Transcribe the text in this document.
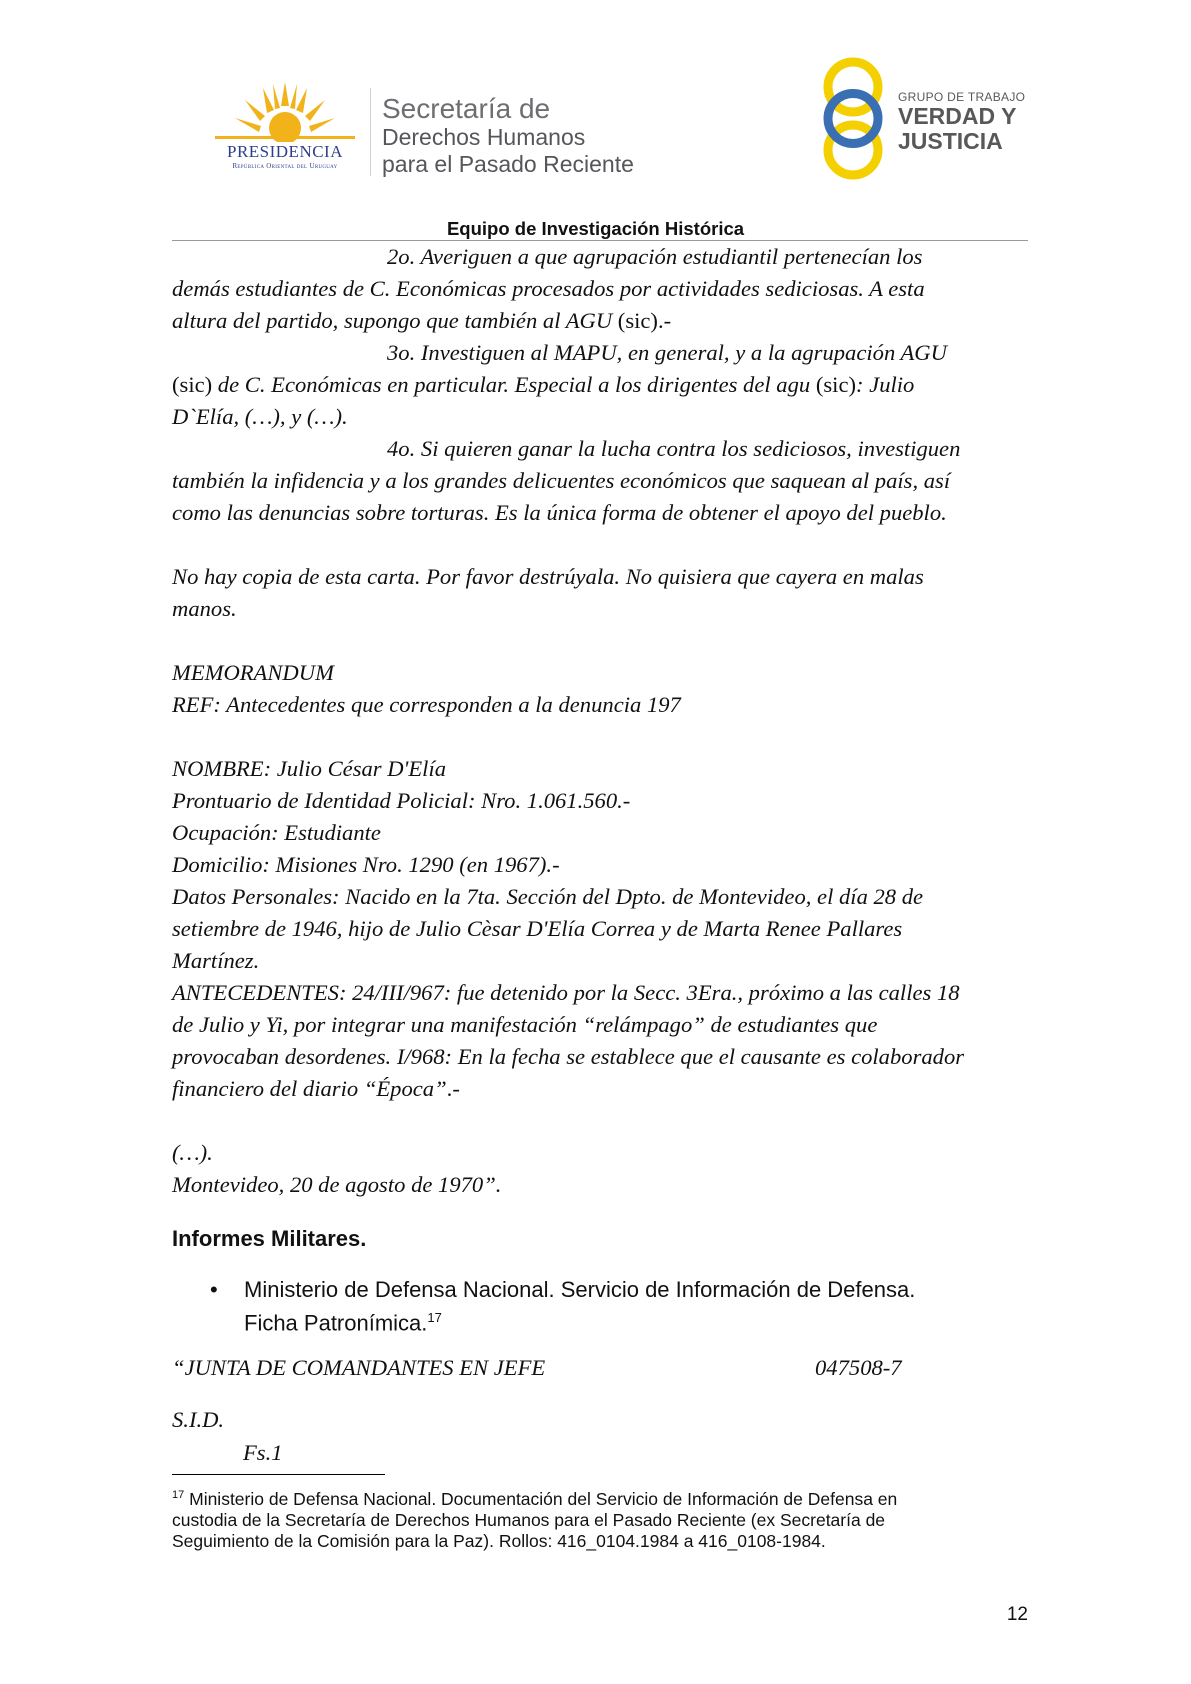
PRESIDENCIA
República Oriental del Uruguay
Secretaría de
Derechos Humanos
para el Pasado Reciente
GRUPO DE TRABAJO
VERDAD Y
JUSTICIA
Equipo de Investigación Histórica
2o. Averiguen a que agrupación estudiantil pertenecían los
demás estudiantes de C. Económicas procesados por actividades sediciosas. A esta
altura del partido, supongo que también al AGU (sic).-
3o. Investiguen al MAPU, en general, y a la agrupación AGU
(sic) de C. Económicas en particular. Especial a los dirigentes del agu (sic): Julio
D`Elía, (…), y (…).
4o. Si quieren ganar la lucha contra los sediciosos, investiguen
también la infidencia y a los grandes delicuentes económicos que saquean al país, así
como las denuncias sobre torturas. Es la única forma de obtener el apoyo del pueblo.
No hay copia de esta carta. Por favor destrúyala. No quisiera que cayera en malas
manos.
MEMORANDUM
REF: Antecedentes que corresponden a la denuncia 197
NOMBRE: Julio César D'Elía
Prontuario de Identidad Policial: Nro. 1.061.560.-
Ocupación: Estudiante
Domicilio: Misiones Nro. 1290 (en 1967).-
Datos Personales: Nacido en la 7ta. Sección del Dpto. de Montevideo, el día 28 de
setiembre de 1946, hijo de Julio Cèsar D'Elía Correa y de Marta Renee Pallares
Martínez.
ANTECEDENTES: 24/III/967: fue detenido por la Secc. 3Era., próximo a las calles 18
de Julio y Yi, por integrar una manifestación “relámpago” de estudiantes que
provocaban desordenes. I/968: En la fecha se establece que el causante es colaborador
financiero del diario “Época”.-
(…).
Montevideo, 20 de agosto de 1970”.
Informes Militares.
• Ministerio de Defensa Nacional. Servicio de Información de Defensa.
Ficha Patronímica.$^{17}$
“JUNTA DE COMANDANTES EN JEFE	047508-7
S.I.D.
Fs.1
$^{17}$ Ministerio de Defensa Nacional. Documentación del Servicio de Información de Defensa en
custodia de la Secretaría de Derechos Humanos para el Pasado Reciente (ex Secretaría de
Seguimiento de la Comisión para la Paz). Rollos: 416_0104.1984 a 416_0108-1984.
12
